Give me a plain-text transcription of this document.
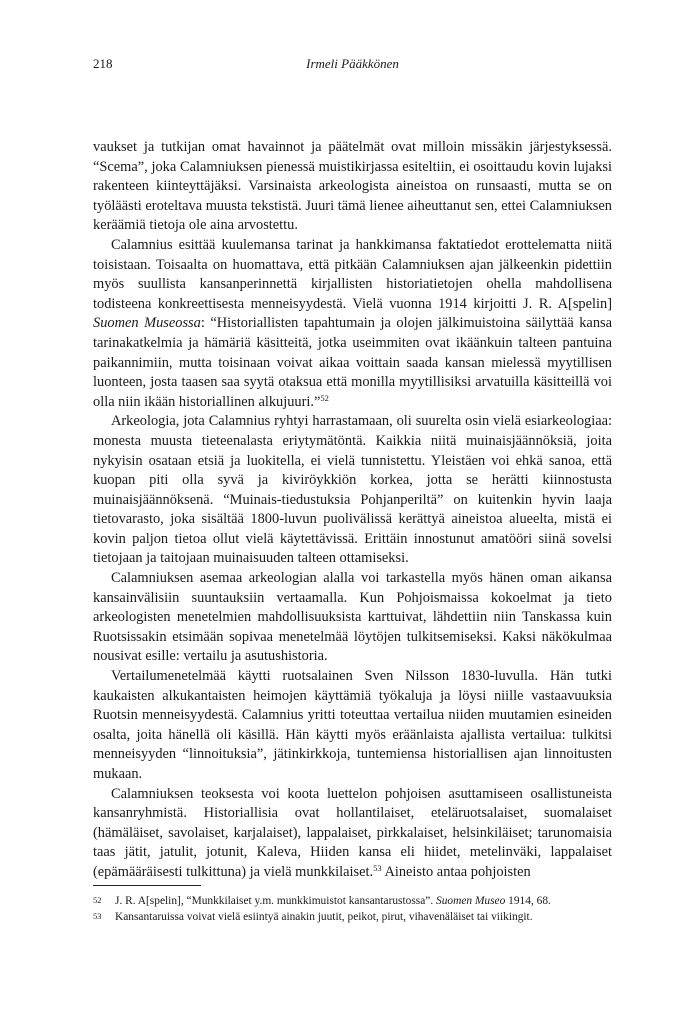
218	Irmeli Pääkkönen

vaukset ja tutkijan omat havainnot ja päätelmät ovat milloin missäkin järjestyksessä. “Scema”, joka Calamniuksen pienessä muistikirjassa esiteltiin, ei osoittaudu kovin lujaksi rakenteen kiinteyttäjäksi. Varsinaista arkeologista aineistoa on runsaasti, mutta se on työläästi eroteltava muusta tekstistä. Juuri tämä lienee aiheuttanut sen, ettei Calamniuksen keräämiä tietoja ole aina arvostettu.

Calamnius esittää kuulemansa tarinat ja hankkimansa faktatiedot erottelematta niitä toisistaan. Toisaalta on huomattava, että pitkään Calamniuksen ajan jälkeenkin pidettiin myös suullista kansanperinnettä kirjallisten historiatietojen ohella mahdollisena todisteena konkreettisesta menneisyydestä. Vielä vuonna 1914 kirjoitti J. R. A[spelin] Suomen Museossa: “Historiallisten tapahtumain ja olojen jälkimuistoina säilyttää kansa tarinakatkelmia ja hämäriä käsitteitä, jotka useimmiten ovat ikäänkuin talteen pantuina paikannimiin, mutta toisinaan voivat aikaa voittain saada kansan mielessä myytillisen luonteen, josta taasen saa syytä otaksua että monilla myytillisiksi arvatuilla käsitteillä voi olla niin ikään historiallinen alkujuuri.”$^{52}$

Arkeologia, jota Calamnius ryhtyi harrastamaan, oli suurelta osin vielä esiarkeologiaa: monesta muusta tieteenalasta eriytymätöntä. Kaikkia niitä muinaisjäännöksiä, joita nykyisin osataan etsiä ja luokitella, ei vielä tunnistettu. Yleistäen voi ehkä sanoa, että kuopan piti olla syvä ja kiviröykkiön korkea, jotta se herätti kiinnostusta muinaisjäännöksenä. “Muinais-tiedustuksia Pohjanperiltä” on kuitenkin hyvin laaja tietovarasto, joka sisältää 1800-luvun puolivälissä kerättyä aineistoa alueelta, mistä ei kovin paljon tietoa ollut vielä käytettävissä. Erittäin innostunut amatööri siinä sovelsi tietojaan ja taitojaan muinaisuuden talteen ottamiseksi.

Calamniuksen asemaa arkeologian alalla voi tarkastella myös hänen oman aikansa kansainvälisiin suuntauksiin vertaamalla. Kun Pohjoismaissa kokoelmat ja tieto arkeologisten menetelmien mahdollisuuksista karttuivat, lähdettiin niin Tanskassa kuin Ruotsissakin etsimään sopivaa menetelmää löytöjen tulkitsemiseksi. Kaksi näkökulmaa nousivat esille: vertailu ja asutushistoria.

Vertailumenetelmää käytti ruotsalainen Sven Nilsson 1830-luvulla. Hän tutki kaukaisten alkukantaisten heimojen käyttämiä työkaluja ja löysi niille vastaavuuksia Ruotsin menneisyydestä. Calamnius yritti toteuttaa vertailua niiden muutamien esineiden osalta, joita hänellä oli käsillä. Hän käytti myös eräänlaista ajallista vertailua: tulkitsi menneisyyden “linnoituksia”, jätinkirkkoja, tuntemiensa historiallisen ajan linnoitusten mukaan.

Calamniuksen teoksesta voi koota luettelon pohjoisen asuttamiseen osallistuneista kansanryhmistä. Historiallisia ovat hollantilaiset, eteläruotsalaiset, suomalaiset (hämäläiset, savolaiset, karjalaiset), lappalaiset, pirkkalaiset, helsinkiläiset; tarunomaisia taas jätit, jatulit, jotunit, Kaleva, Hiiden kansa eli hiidet, metelinväki, lappalaiset (epämääräisesti tulkittuna) ja vielä munkkilaiset.$^{53}$ Aineisto antaa pohjoisten

52 J. R. A[spelin], “Munkkilaiset y.m. munkkimuistot kansantarustossa”. Suomen Museo 1914, 68.
53 Kansantaruissa voivat vielä esiintyä ainakin juutit, peikot, pirut, vihavenäläiset tai viikingit.
